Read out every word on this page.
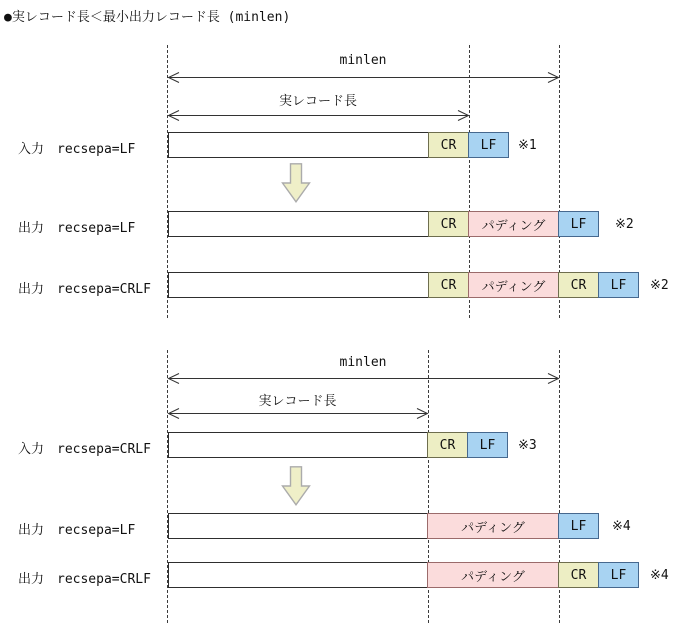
●実レコード長＜最小出力レコード長 (minlen)
minlen
実レコード長
入力　recsepa=LF	CR	LF	※1
出力　recsepa=LF	CR	パディング	LF	※2
出力　recsepa=CRLF	CR	パディング	CR	LF	※2
minlen
実レコード長
入力　recsepa=CRLF	CR	LF	※3
出力　recsepa=LF	パディング	LF	※4
出力　recsepa=CRLF	パディング	CR	LF	※4
